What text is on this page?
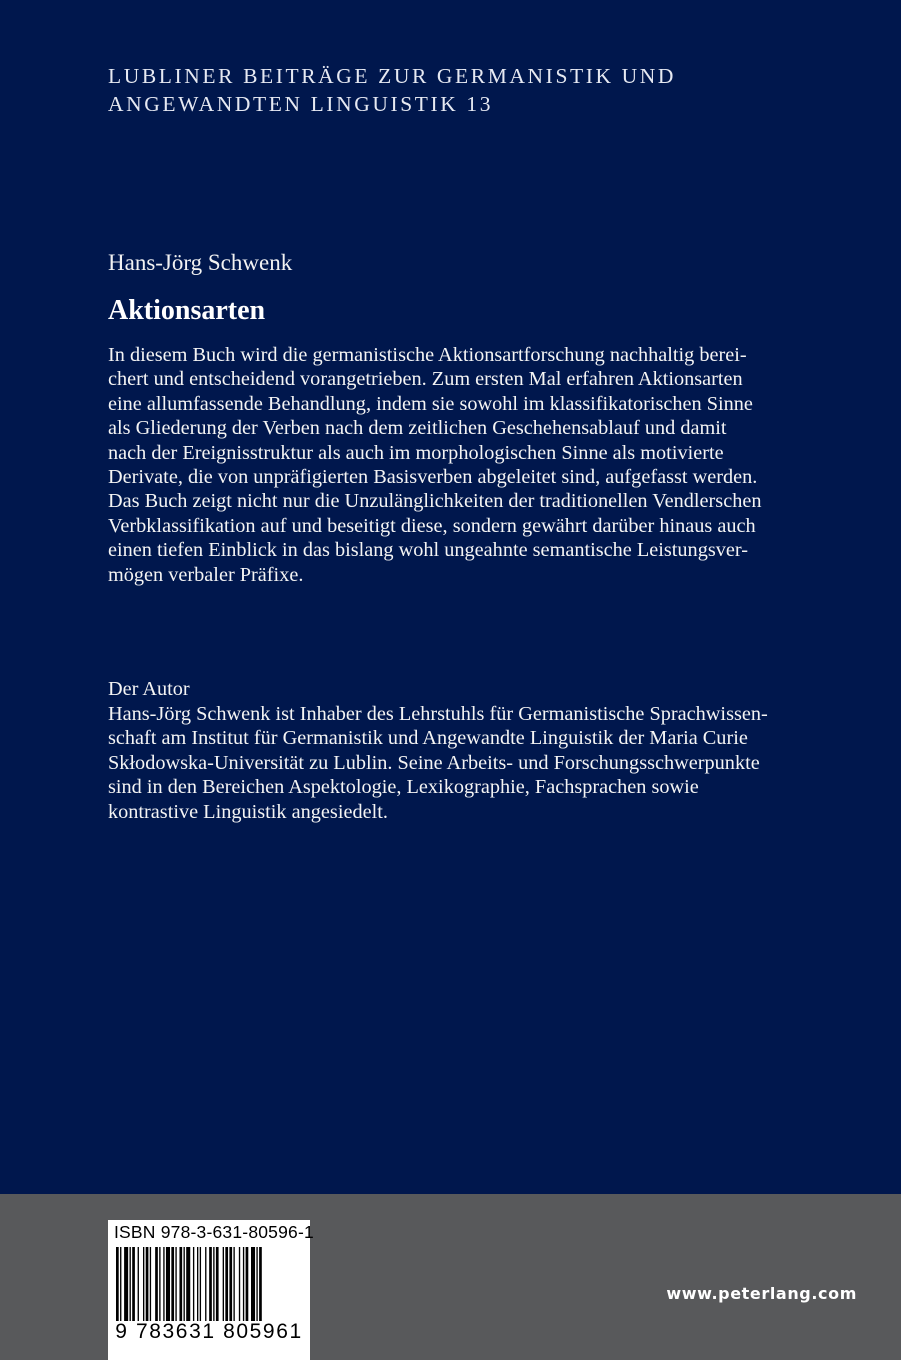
LUBLINER BEITRÄGE ZUR GERMANISTIK UND
ANGEWANDTEN LINGUISTIK 13
Hans-Jörg Schwenk
Aktionsarten
In diesem Buch wird die germanistische Aktionsartforschung nachhaltig berei-
chert und entscheidend vorangetrieben. Zum ersten Mal erfahren Aktionsarten
eine allumfassende Behandlung, indem sie sowohl im klassifikatorischen Sinne
als Gliederung der Verben nach dem zeitlichen Geschehensablauf und damit
nach der Ereignisstruktur als auch im morphologischen Sinne als motivierte
Derivate, die von unpräfigierten Basisverben abgeleitet sind, aufgefasst werden.
Das Buch zeigt nicht nur die Unzulänglichkeiten der traditionellen Vendlerschen
Verbklassifikation auf und beseitigt diese, sondern gewährt darüber hinaus auch
einen tiefen Einblick in das bislang wohl ungeahnte semantische Leistungsver-
mögen verbaler Präfixe.
Der Autor
Hans-Jörg Schwenk ist Inhaber des Lehrstuhls für Germanistische Sprachwissen-
schaft am Institut für Germanistik und Angewandte Linguistik der Maria Curie
Skłodowska-Universität zu Lublin. Seine Arbeits- und Forschungsschwerpunkte
sind in den Bereichen Aspektologie, Lexikographie, Fachsprachen sowie
kontrastive Linguistik angesiedelt.
ISBN 978-3-631-80596-1
9 783631 805961
www.peterlang.com
